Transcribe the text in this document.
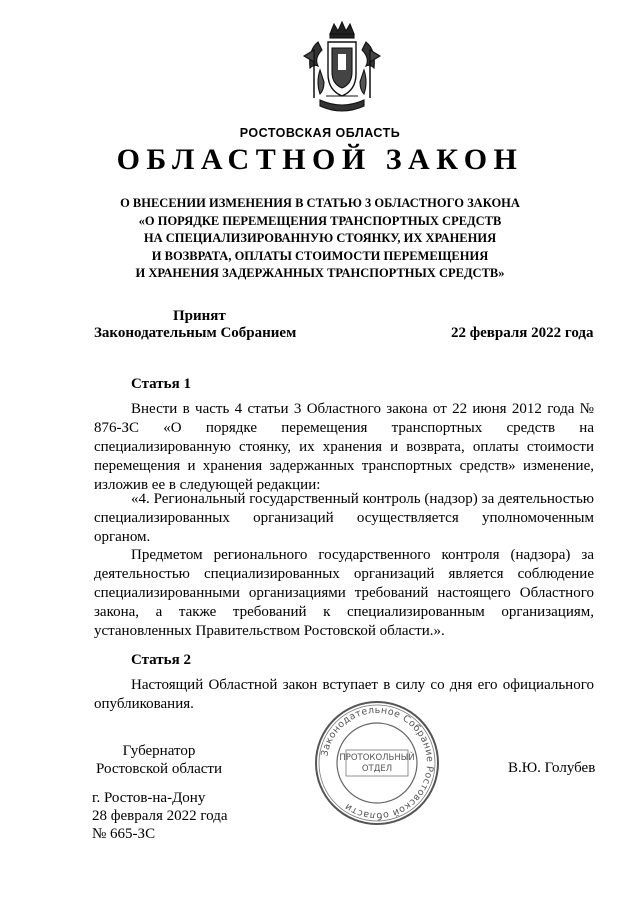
РОСТОВСКАЯ ОБЛАСТЬ
ОБЛАСТНОЙ ЗАКОН
О ВНЕСЕНИИ ИЗМЕНЕНИЯ В СТАТЬЮ 3 ОБЛАСТНОГО ЗАКОНА
«О ПОРЯДКЕ ПЕРЕМЕЩЕНИЯ ТРАНСПОРТНЫХ СРЕДСТВ
НА СПЕЦИАЛИЗИРОВАННУЮ СТОЯНКУ, ИХ ХРАНЕНИЯ
И ВОЗВРАТА, ОПЛАТЫ СТОИМОСТИ ПЕРЕМЕЩЕНИЯ
И ХРАНЕНИЯ ЗАДЕРЖАННЫХ ТРАНСПОРТНЫХ СРЕДСТВ»
Принят
Законодательным Собранием	22 февраля 2022 года
Статья 1
Внести в часть 4 статьи 3 Областного закона от 22 июня 2012 года № 876-ЗС «О порядке перемещения транспортных средств на специализированную стоянку, их хранения и возврата, оплаты стоимости перемещения и хранения задержанных транспортных средств» изменение, изложив ее в следующей редакции:
«4. Региональный государственный контроль (надзор) за деятельностью специализированных организаций осуществляется уполномоченным органом.
Предметом регионального государственного контроля (надзора) за деятельностью специализированных организаций является соблюдение специализированными организациями требований настоящего Областного закона, а также требований к специализированным организациям, установленных Правительством Ростовской области.».
Статья 2
Настоящий Областной закон вступает в силу со дня его официального опубликования.
Законодательное Собрание Ростовской области
ПРОТОКОЛЬНЫЙ
ОТДЕЛ
Губернатор
Ростовской области	В.Ю. Голубев
г. Ростов-на-Дону
28 февраля 2022 года
№ 665-ЗС
